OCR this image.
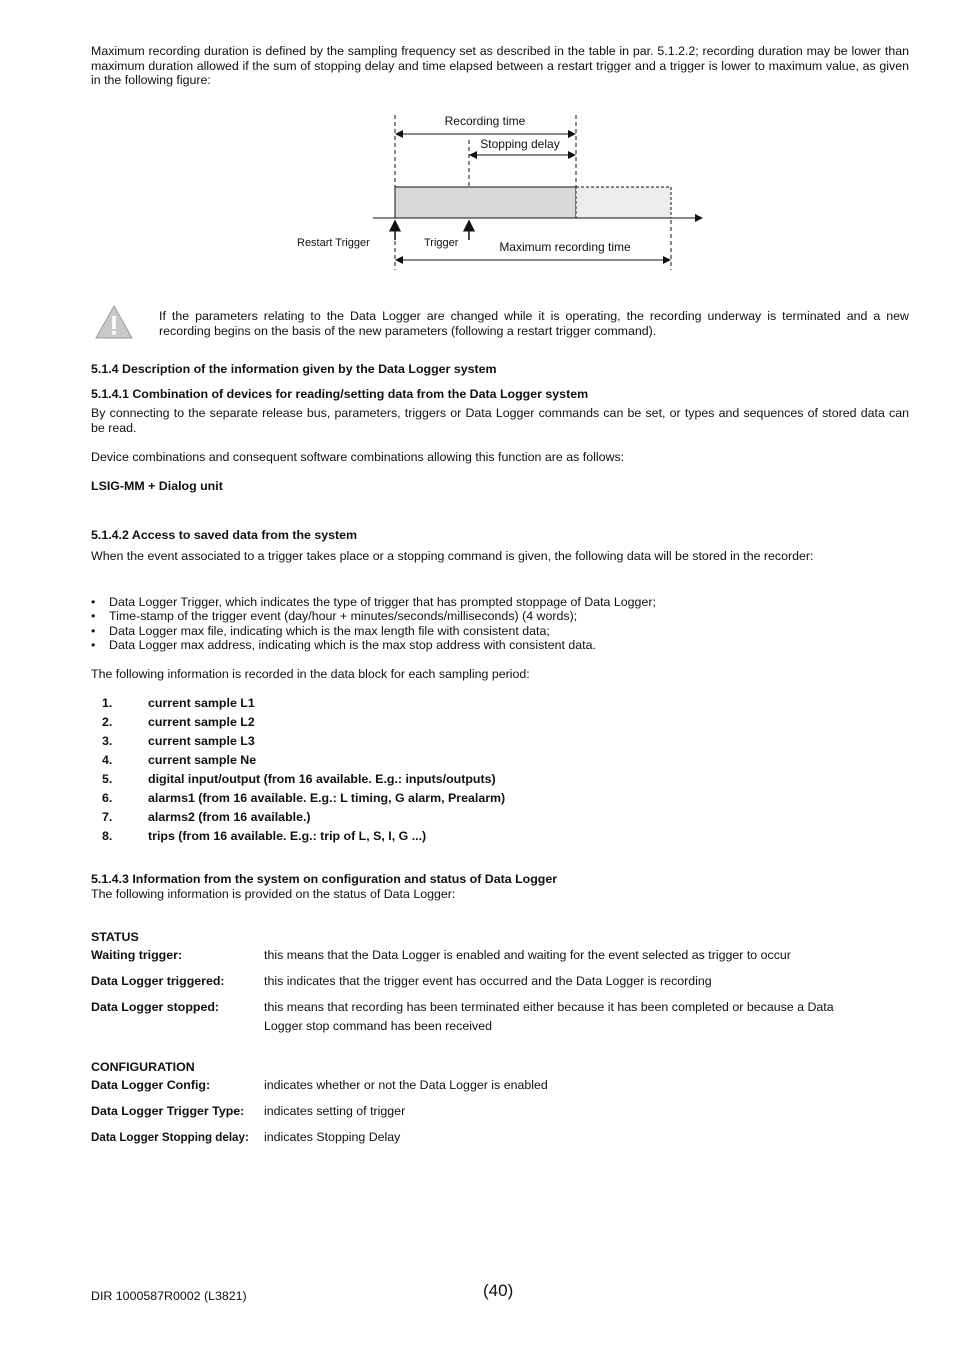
Maximum recording duration is defined by the sampling frequency set as described in the table in par. 5.1.2.2; recording duration may be lower than maximum duration allowed if the sum of stopping delay and time elapsed between a restart trigger and a trigger is lower to maximum value, as given in the following figure:
Recording time
Stopping delay
Restart Trigger	Trigger	Maximum recording time
If the parameters relating to the Data Logger are changed while it is operating, the recording underway is terminated and a new recording begins on the basis of the new parameters (following a restart trigger command).
5.1.4 Description of the information given by the Data Logger system
5.1.4.1 Combination of devices for reading/setting data from the Data Logger system
By connecting to the separate release bus, parameters, triggers or Data Logger commands can be set, or types and sequences of stored data can be read.
Device combinations and consequent software combinations allowing this function are as follows:
LSIG-MM + Dialog unit
5.1.4.2 Access to saved data from the system
When the event associated to a trigger takes place or a stopping command is given, the following data will be stored in the recorder:
• Data Logger Trigger, which indicates the type of trigger that has prompted stoppage of Data Logger;
• Time-stamp of the trigger event (day/hour + minutes/seconds/milliseconds) (4 words);
• Data Logger max file, indicating which is the max length file with consistent data;
• Data Logger max address, indicating which is the max stop address with consistent data.
The following information is recorded in the data block for each sampling period:
1.	current sample L1
2.	current sample L2
3.	current sample L3
4.	current sample Ne
5.	digital input/output (from 16 available. E.g.: inputs/outputs)
6.	alarms1 (from 16 available. E.g.: L timing, G alarm, Prealarm)
7.	alarms2 (from 16 available.)
8.	trips (from 16 available. E.g.: trip of L, S, I, G ...)
5.1.4.3 Information from the system on configuration and status of Data Logger
The following information is provided on the status of Data Logger:
STATUS
Waiting trigger:	this means that the Data Logger is enabled and waiting for the event selected as trigger to occur
Data Logger triggered:	this indicates that the trigger event has occurred and the Data Logger is recording
Data Logger stopped:	this means that recording has been terminated either because it has been completed or because a Data Logger stop command has been received
CONFIGURATION
Data Logger Config:	indicates whether or not the Data Logger is enabled
Data Logger Trigger Type: indicates setting of trigger
Data Logger Stopping delay: indicates Stopping Delay
DIR 1000587R0002 (L3821)	(40)
